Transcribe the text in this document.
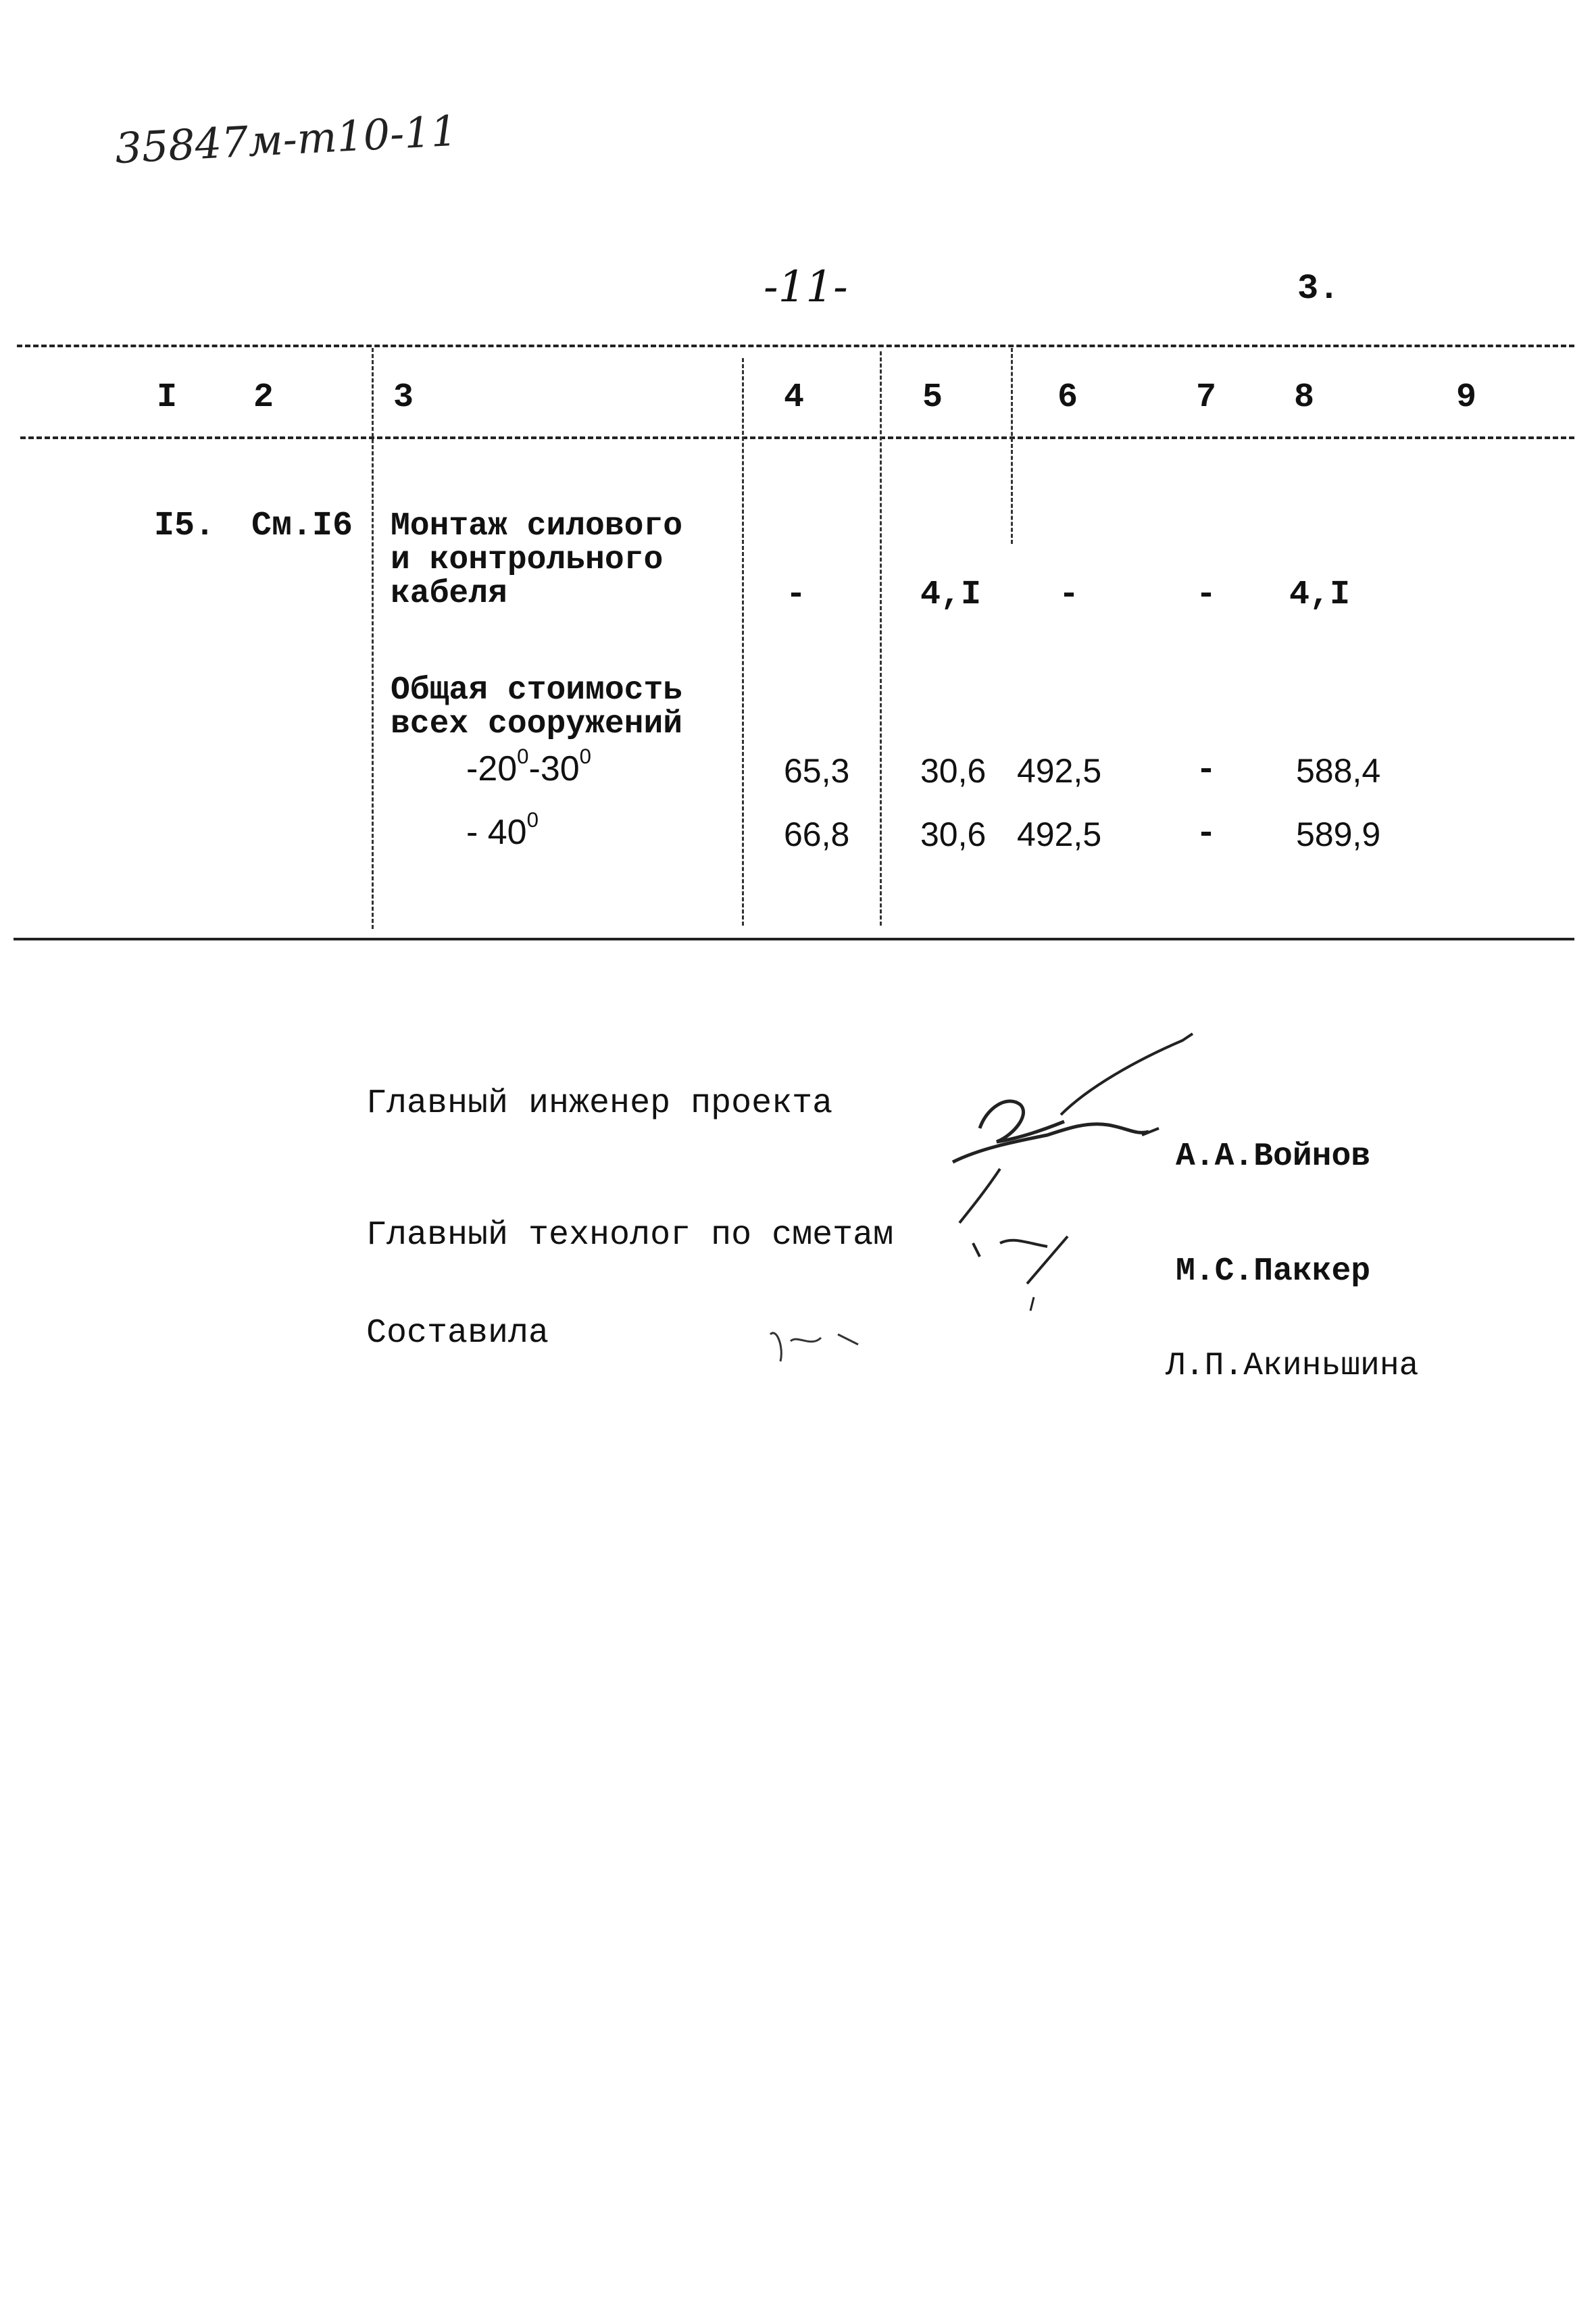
35847м-т10-11
-11-	3.
I 2	3	4	5	6	7 8	9
I5. См.I6 Монтаж силового
и контрольного
кабеля	-	4,I -	- 4,I
Общая стоимость
всех сооружений
$-20^0-30^0$	65,3 30,6 492,5	- 588,4
- $40^0$	66,8 30,6 492,5	- 589,9
Главный инженер проекта
Главный технолог по сметам
Составила
А.А.Войнов
М.С.Паккер
Л.П.Акиньшина
